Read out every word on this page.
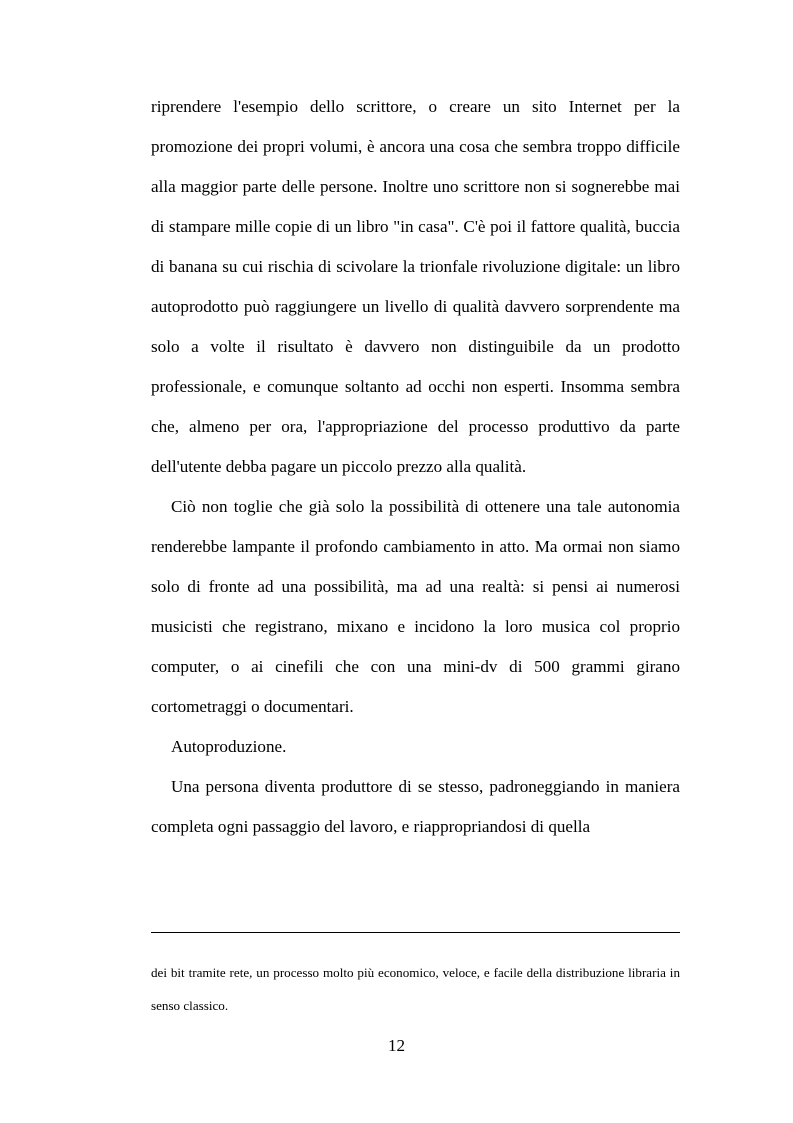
riprendere l'esempio dello scrittore, o creare un sito Internet per la promozione dei propri volumi, è ancora una cosa che sembra troppo difficile alla maggior parte delle persone. Inoltre uno scrittore non si sognerebbe mai di stampare mille copie di un libro "in casa". C'è poi il fattore qualità, buccia di banana su cui rischia di scivolare la trionfale rivoluzione digitale: un libro autoprodotto può raggiungere un livello di qualità davvero sorprendente ma solo a volte il risultato è davvero non distinguibile da un prodotto professionale, e comunque soltanto ad occhi non esperti. Insomma sembra che, almeno per ora, l'appropriazione del processo produttivo da parte dell'utente debba pagare un piccolo prezzo alla qualità.

Ciò non toglie che già solo la possibilità di ottenere una tale autonomia renderebbe lampante il profondo cambiamento in atto. Ma ormai non siamo solo di fronte ad una possibilità, ma ad una realtà: si pensi ai numerosi musicisti che registrano, mixano e incidono la loro musica col proprio computer, o ai cinefili che con una mini-dv di 500 grammi girano cortometraggi o documentari.

Autoproduzione.

Una persona diventa produttore di se stesso, padroneggiando in maniera completa ogni passaggio del lavoro, e riappropriandosi di quella

dei bit tramite rete, un processo molto più economico, veloce, e facile della distribuzione libraria in senso classico.

12
